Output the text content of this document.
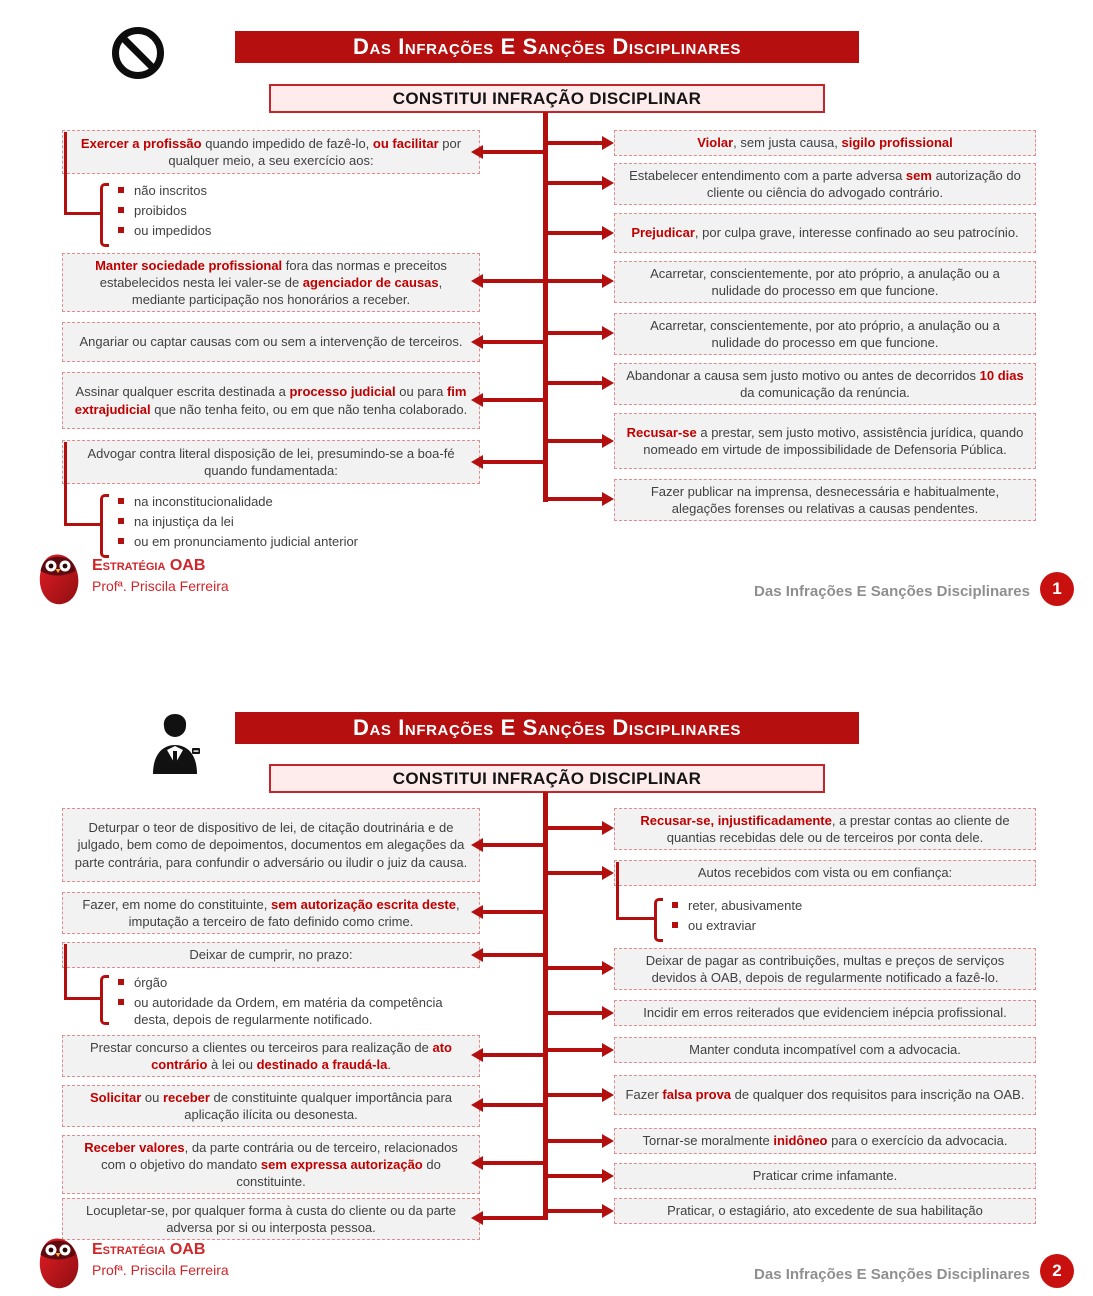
Das Infrações E Sanções Disciplinares
CONSTITUI INFRAÇÃO DISCIPLINAR
Exercer a profissão quando impedido de fazê-lo, ou facilitar por qualquer meio, a seu exercício aos:
não inscritos
proibidos
ou impedidos
Manter sociedade profissional fora das normas e preceitos estabelecidos nesta lei valer-se de agenciador de causas, mediante participação nos honorários a receber.
Angariar ou captar causas com ou sem a intervenção de terceiros.
Assinar qualquer escrita destinada a processo judicial ou para fim extrajudicial que não tenha feito, ou em que não tenha colaborado.
Advogar contra literal disposição de lei, presumindo-se a boa-fé quando fundamentada:
na inconstitucionalidade
na injustiça da lei
ou em pronunciamento judicial anterior
Violar, sem justa causa, sigilo profissional
Estabelecer entendimento com a parte adversa sem autorização do cliente ou ciência do advogado contrário.
Prejudicar, por culpa grave, interesse confinado ao seu patrocínio.
Acarretar, conscientemente, por ato próprio, a anulação ou a nulidade do processo em que funcione.
Acarretar, conscientemente, por ato próprio, a anulação ou a nulidade do processo em que funcione.
Abandonar a causa sem justo motivo ou antes de decorridos 10 dias da comunicação da renúncia.
Recusar-se a prestar, sem justo motivo, assistência jurídica, quando nomeado em virtude de impossibilidade de Defensoria Pública.
Fazer publicar na imprensa, desnecessária e habitualmente, alegações forenses ou relativas a causas pendentes.
Estratégia OAB
Profª. Priscila Ferreira	Das Infrações E Sanções Disciplinares	1
Das Infrações E Sanções Disciplinares
CONSTITUI INFRAÇÃO DISCIPLINAR
Deturpar o teor de dispositivo de lei, de citação doutrinária e de julgado, bem como de depoimentos, documentos em alegações da parte contrária, para confundir o adversário ou iludir o juiz da causa.
Fazer, em nome do constituinte, sem autorização escrita deste, imputação a terceiro de fato definido como crime.
Deixar de cumprir, no prazo:
órgão
ou autoridade da Ordem, em matéria da competência desta, depois de regularmente notificado.
Prestar concurso a clientes ou terceiros para realização de ato contrário à lei ou destinado a fraudá-la.
Solicitar ou receber de constituinte qualquer importância para aplicação ilícita ou desonesta.
Receber valores, da parte contrária ou de terceiro, relacionados com o objetivo do mandato sem expressa autorização do constituinte.
Locupletar-se, por qualquer forma à custa do cliente ou da parte adversa por si ou interposta pessoa.
Recusar-se, injustificadamente, a prestar contas ao cliente de quantias recebidas dele ou de terceiros por conta dele.
Autos recebidos com vista ou em confiança:
reter, abusivamente
ou extraviar
Deixar de pagar as contribuições, multas e preços de serviços devidos à OAB, depois de regularmente notificado a fazê-lo.
Incidir em erros reiterados que evidenciem inépcia profissional.
Manter conduta incompatível com a advocacia.
Fazer falsa prova de qualquer dos requisitos para inscrição na OAB.
Tornar-se moralmente inidôneo para o exercício da advocacia.
Praticar crime infamante.
Praticar, o estagiário, ato excedente de sua habilitação
Estratégia OAB
Profª. Priscila Ferreira	Das Infrações E Sanções Disciplinares	2
